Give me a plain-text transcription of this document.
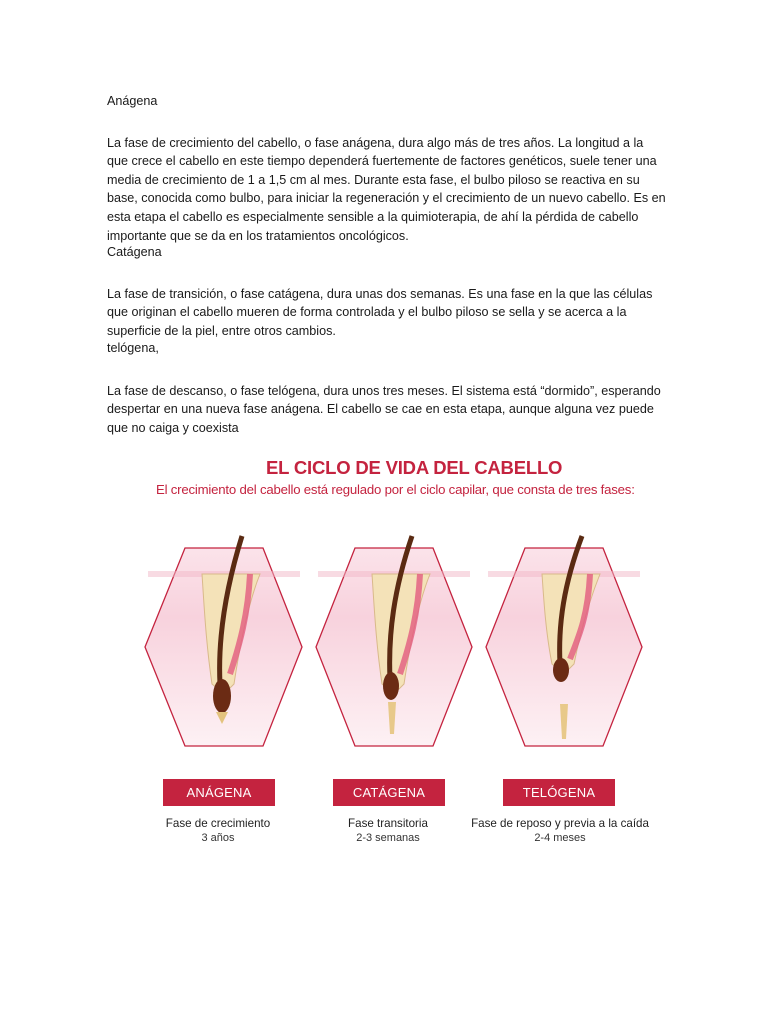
Anágena

La fase de crecimiento del cabello, o fase anágena, dura algo más de tres años. La longitud a la que crece el cabello en este tiempo dependerá fuertemente de factores genéticos, suele tener una media de crecimiento de 1 a 1,5 cm al mes. Durante esta fase, el bulbo piloso se reactiva en su base, conocida como bulbo, para iniciar la regeneración y el crecimiento de un nuevo cabello. Es en esta etapa el cabello es especialmente sensible a la quimioterapia, de ahí la pérdida de cabello importante que se da en los tratamientos oncológicos.

Catágena

La fase de transición, o fase catágena, dura unas dos semanas. Es una fase en la que las células que originan el cabello mueren de forma controlada y el bulbo piloso se sella y se acerca a la superficie de la piel, entre otros cambios.

telógena,

La fase de descanso, o fase telógena, dura unos tres meses. El sistema está “dormido”, esperando despertar en una nueva fase anágena. El cabello se cae en esta etapa, aunque alguna vez puede que no caiga y coexista

EL CICLO DE VIDA DEL CABELLO
El crecimiento del cabello está regulado por el ciclo capilar, que consta de tres fases:
ANÁGENA	CATÁGENA	TELÓGENA
Fase de crecimiento
3 años
Fase transitoria
2-3 semanas
Fase de reposo y previa a la caída
2-4 meses
